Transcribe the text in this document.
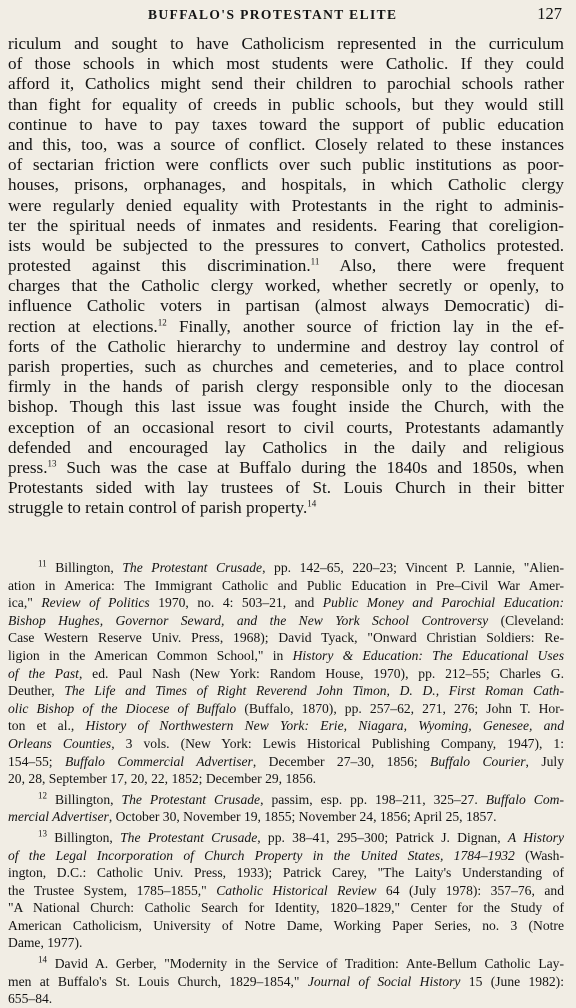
BUFFALO'S PROTESTANT ELITE	127
riculum and sought to have Catholicism represented in the curriculum
of those schools in which most students were Catholic. If they could
afford it, Catholics might send their children to parochial schools rather
than fight for equality of creeds in public schools, but they would still
continue to have to pay taxes toward the support of public education
and this, too, was a source of conflict. Closely related to these instances
of sectarian friction were conflicts over such public institutions as poor-
houses, prisons, orphanages, and hospitals, in which Catholic clergy
were regularly denied equality with Protestants in the right to adminis-
ter the spiritual needs of inmates and residents. Fearing that coreligion-
ists would be subjected to the pressures to convert, Catholics protested.
protested against this discrimination.$^{11}$ Also, there were frequent
charges that the Catholic clergy worked, whether secretly or openly, to
influence Catholic voters in partisan (almost always Democratic) di-
rection at elections.$^{12}$ Finally, another source of friction lay in the ef-
forts of the Catholic hierarchy to undermine and destroy lay control of
parish properties, such as churches and cemeteries, and to place control
firmly in the hands of parish clergy responsible only to the diocesan
bishop. Though this last issue was fought inside the Church, with the
exception of an occasional resort to civil courts, Protestants adamantly
defended and encouraged lay Catholics in the daily and religious
press.$^{13}$ Such was the case at Buffalo during the 1840s and 1850s, when
Protestants sided with lay trustees of St. Louis Church in their bitter
struggle to retain control of parish property.$^{14}$
$^{11}$ Billington, The Protestant Crusade, pp. 142–65, 220–23; Vincent P. Lannie, "Alien-
ation in America: The Immigrant Catholic and Public Education in Pre–Civil War Amer-
ica," Review of Politics 1970, no. 4: 503–21, and Public Money and Parochial Education:
Bishop Hughes, Governor Seward, and the New York School Controversy (Cleveland:
Case Western Reserve Univ. Press, 1968); David Tyack, "Onward Christian Soldiers: Re-
ligion in the American Common School," in History & Education: The Educational Uses
of the Past, ed. Paul Nash (New York: Random House, 1970), pp. 212–55; Charles G.
Deuther, The Life and Times of Right Reverend John Timon, D. D., First Roman Cath-
olic Bishop of the Diocese of Buffalo (Buffalo, 1870), pp. 257–62, 271, 276; John T. Hor-
ton et al., History of Northwestern New York: Erie, Niagara, Wyoming, Genesee, and
Orleans Counties, 3 vols. (New York: Lewis Historical Publishing Company, 1947), 1:
154–55; Buffalo Commercial Advertiser, December 27–30, 1856; Buffalo Courier, July
20, 28, September 17, 20, 22, 1852; December 29, 1856.
$^{12}$ Billington, The Protestant Crusade, passim, esp. pp. 198–211, 325–27. Buffalo Com-
mercial Advertiser, October 30, November 19, 1855; November 24, 1856; April 25, 1857.
$^{13}$ Billington, The Protestant Crusade, pp. 38–41, 295–300; Patrick J. Dignan, A History
of the Legal Incorporation of Church Property in the United States, 1784–1932 (Wash-
ington, D.C.: Catholic Univ. Press, 1933); Patrick Carey, "The Laity's Understanding of
the Trustee System, 1785–1855," Catholic Historical Review 64 (July 1978): 357–76, and
"A National Church: Catholic Search for Identity, 1820–1829," Center for the Study of
American Catholicism, University of Notre Dame, Working Paper Series, no. 3 (Notre
Dame, 1977).
$^{14}$ David A. Gerber, "Modernity in the Service of Tradition: Ante-Bellum Catholic Lay-
men at Buffalo's St. Louis Church, 1829–1854," Journal of Social History 15 (June 1982):
655–84.
